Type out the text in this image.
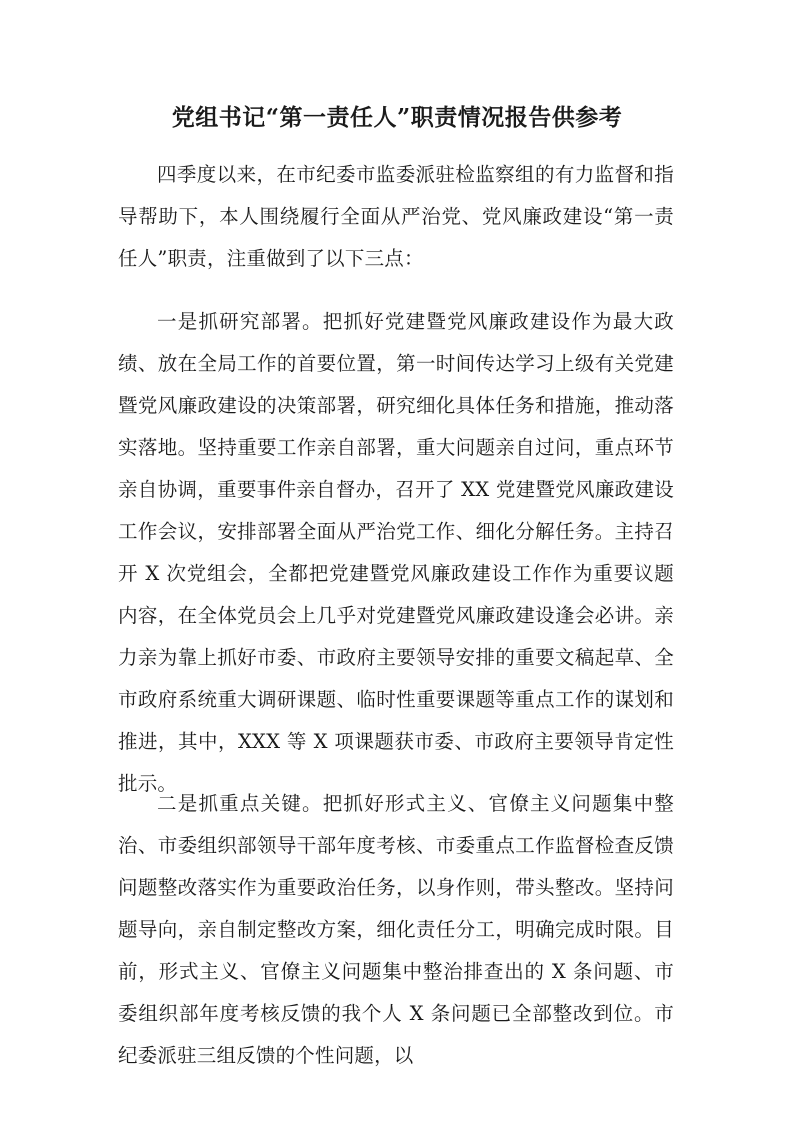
党组书记“第一责任人”职责情况报告供参考

四季度以来，在市纪委市监委派驻检监察组的有力监督和指导帮助下，本人围绕履行全面从严治党、党风廉政建设“第一责任人”职责，注重做到了以下三点：

一是抓研究部署。把抓好党建暨党风廉政建设作为最大政绩、放在全局工作的首要位置，第一时间传达学习上级有关党建暨党风廉政建设的决策部署，研究细化具体任务和措施，推动落实落地。坚持重要工作亲自部署，重大问题亲自过问，重点环节亲自协调，重要事件亲自督办，召开了 XX 党建暨党风廉政建设工作会议，安排部署全面从严治党工作、细化分解任务。主持召开 X 次党组会，全都把党建暨党风廉政建设工作作为重要议题内容，在全体党员会上几乎对党建暨党风廉政建设逢会必讲。亲力亲为靠上抓好市委、市政府主要领导安排的重要文稿起草、全市政府系统重大调研课题、临时性重要课题等重点工作的谋划和推进，其中，XXX 等 X 项课题获市委、市政府主要领导肯定性批示。

二是抓重点关键。把抓好形式主义、官僚主义问题集中整治、市委组织部领导干部年度考核、市委重点工作监督检查反馈问题整改落实作为重要政治任务，以身作则，带头整改。坚持问题导向，亲自制定整改方案，细化责任分工，明确完成时限。目前，形式主义、官僚主义问题集中整治排查出的 X 条问题、市委组织部年度考核反馈的我个人 X 条问题已全部整改到位。市纪委派驻三组反馈的个性问题，以
